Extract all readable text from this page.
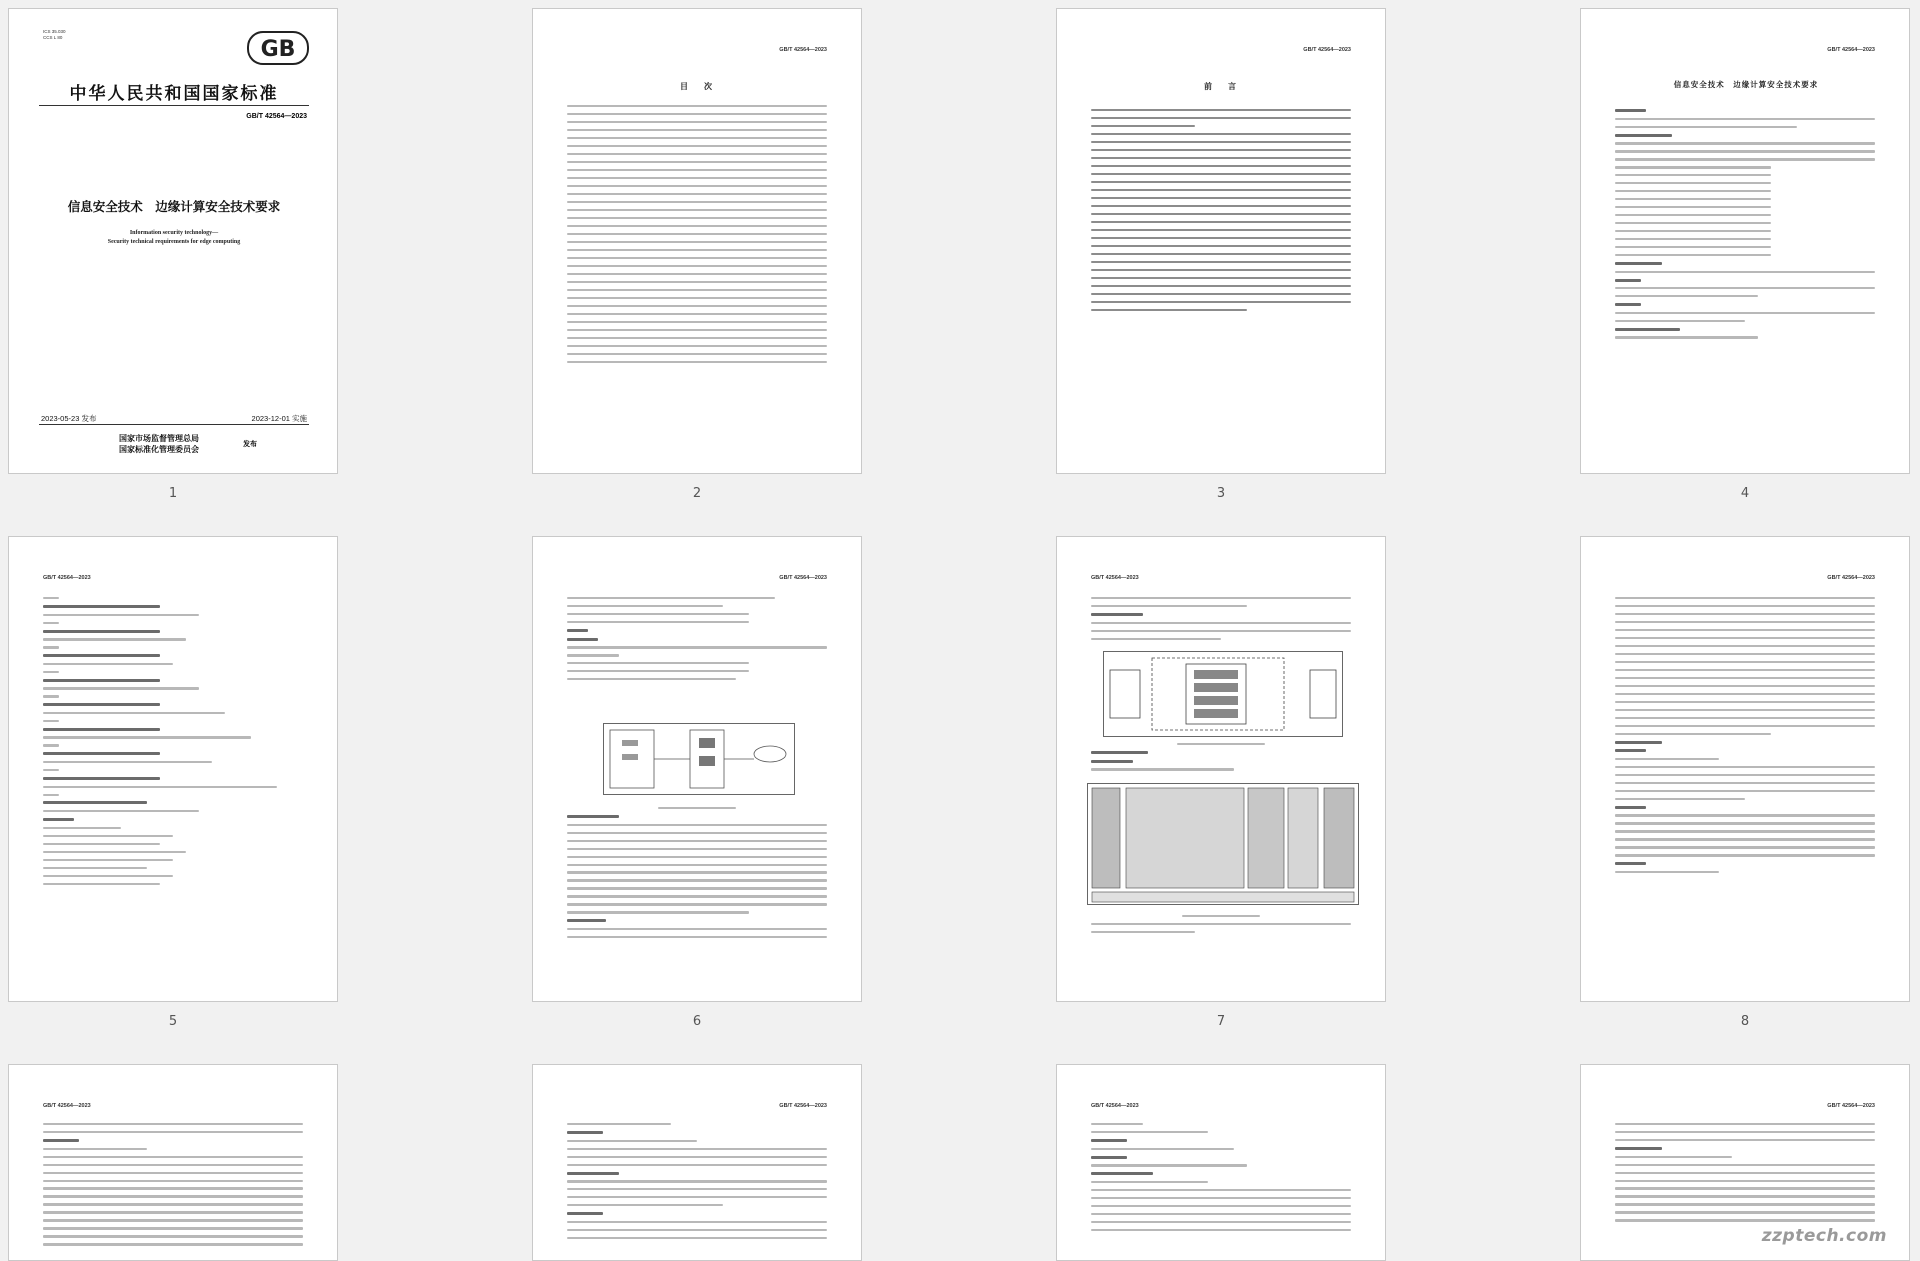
ICS 35.030
CCS L 80	GB
中华人民共和国国家标准
GB/T 42564—2023
信息安全技术　边缘计算安全技术要求
Information security technology—
Security technical requirements for edge computing
2023-05-23 发布	2023-12-01 实施
国家市场监督管理总局
国家标准化管理委员会
发布
1
GB/T 42564—2023
目　次
2
GB/T 42564—2023
前　言
3
GB/T 42564—2023
信息安全技术　边缘计算安全技术要求
4
GB/T 42564—2023
5
GB/T 42564—2023
6
GB/T 42564—2023
7
GB/T 42564—2023
8
GB/T 42564—2023	GB/T 42564—2023	GB/T 42564—2023	GB/T 42564—2023
zzptech.com
